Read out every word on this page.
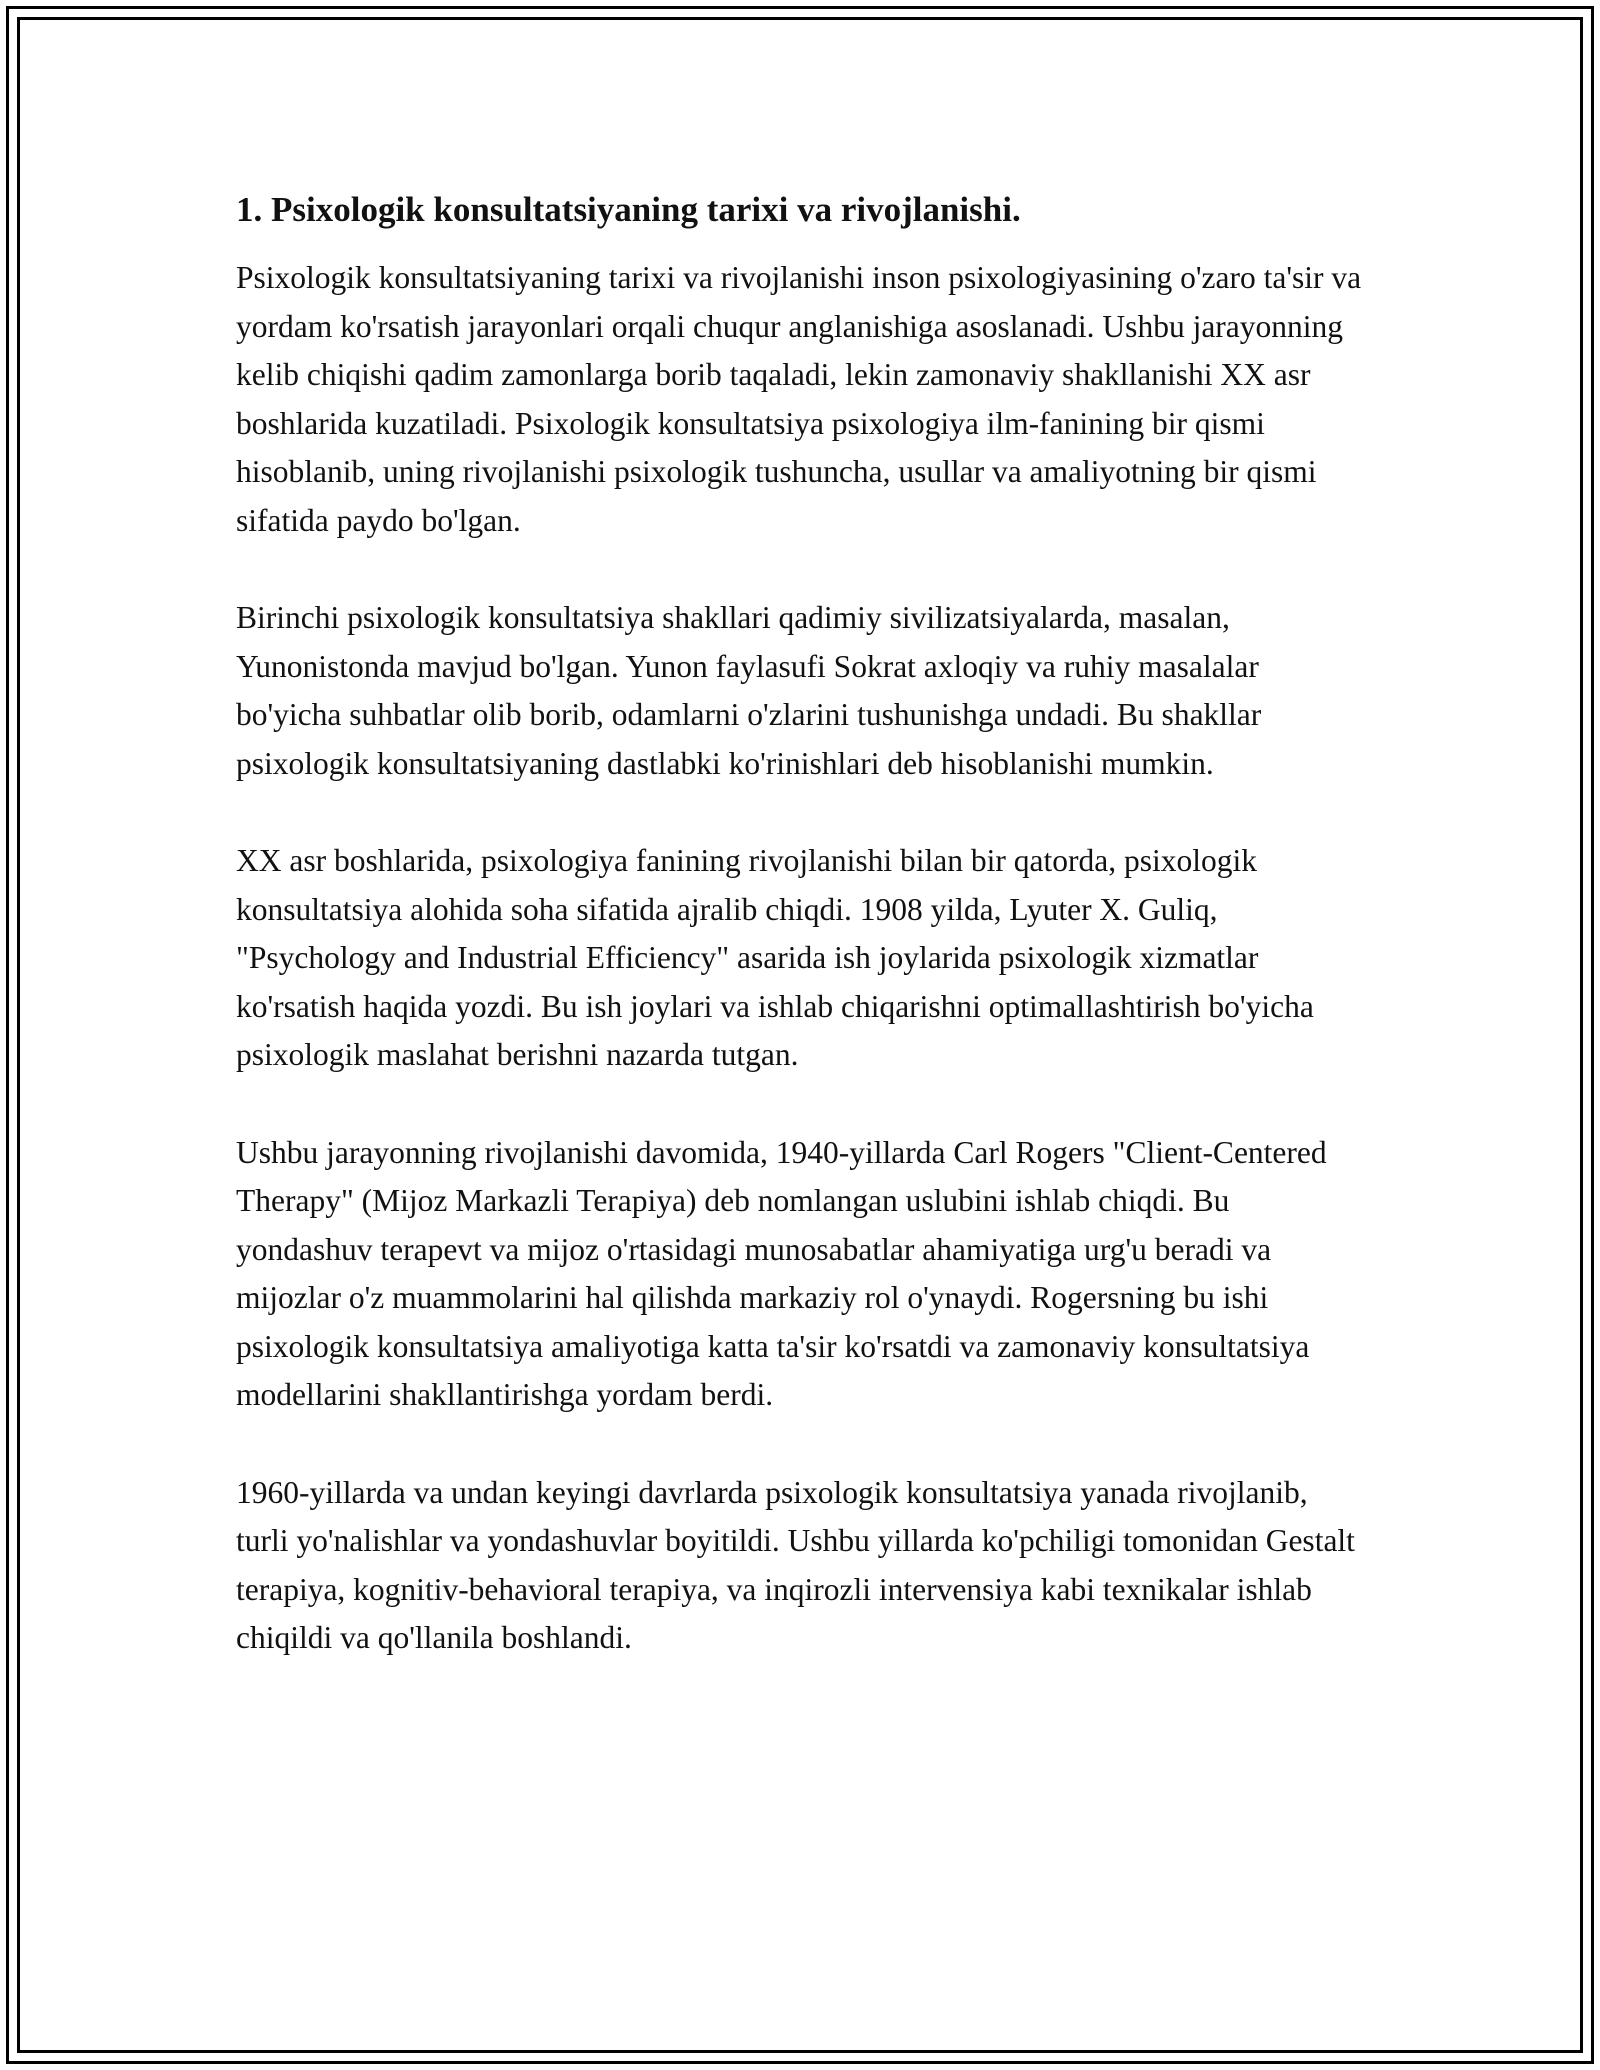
1. Psixologik konsultatsiyaning tarixi va rivojlanishi.

Psixologik konsultatsiyaning tarixi va rivojlanishi inson psixologiyasining o'zaro ta'sir va yordam ko'rsatish jarayonlari orqali chuqur anglanishiga asoslanadi. Ushbu jarayonning kelib chiqishi qadim zamonlarga borib taqaladi, lekin zamonaviy shakllanishi XX asr boshlarida kuzatiladi. Psixologik konsultatsiya psixologiya ilm-fanining bir qismi hisoblanib, uning rivojlanishi psixologik tushuncha, usullar va amaliyotning bir qismi sifatida paydo bo'lgan.

Birinchi psixologik konsultatsiya shakllari qadimiy sivilizatsiyalarda, masalan, Yunonistonda mavjud bo'lgan. Yunon faylasufi Sokrat axloqiy va ruhiy masalalar bo'yicha suhbatlar olib borib, odamlarni o'zlarini tushunishga undadi. Bu shakllar psixologik konsultatsiyaning dastlabki ko'rinishlari deb hisoblanishi mumkin.

XX asr boshlarida, psixologiya fanining rivojlanishi bilan bir qatorda, psixologik konsultatsiya alohida soha sifatida ajralib chiqdi. 1908 yilda, Lyuter X. Guliq, "Psychology and Industrial Efficiency" asarida ish joylarida psixologik xizmatlar ko'rsatish haqida yozdi. Bu ish joylari va ishlab chiqarishni optimallashtirish bo'yicha psixologik maslahat berishni nazarda tutgan.

Ushbu jarayonning rivojlanishi davomida, 1940-yillarda Carl Rogers "Client-Centered Therapy" (Mijoz Markazli Terapiya) deb nomlangan uslubini ishlab chiqdi. Bu yondashuv terapevt va mijoz o'rtasidagi munosabatlar ahamiyatiga urg'u beradi va mijozlar o'z muammolarini hal qilishda markaziy rol o'ynaydi. Rogersning bu ishi psixologik konsultatsiya amaliyotiga katta ta'sir ko'rsatdi va zamonaviy konsultatsiya modellarini shakllantirishga yordam berdi.

1960-yillarda va undan keyingi davrlarda psixologik konsultatsiya yanada rivojlanib, turli yo'nalishlar va yondashuvlar boyitildi. Ushbu yillarda ko'pchiligi tomonidan Gestalt terapiya, kognitiv-behavioral terapiya, va inqirozli intervensiya kabi texnikalar ishlab chiqildi va qo'llanila boshlandi.
